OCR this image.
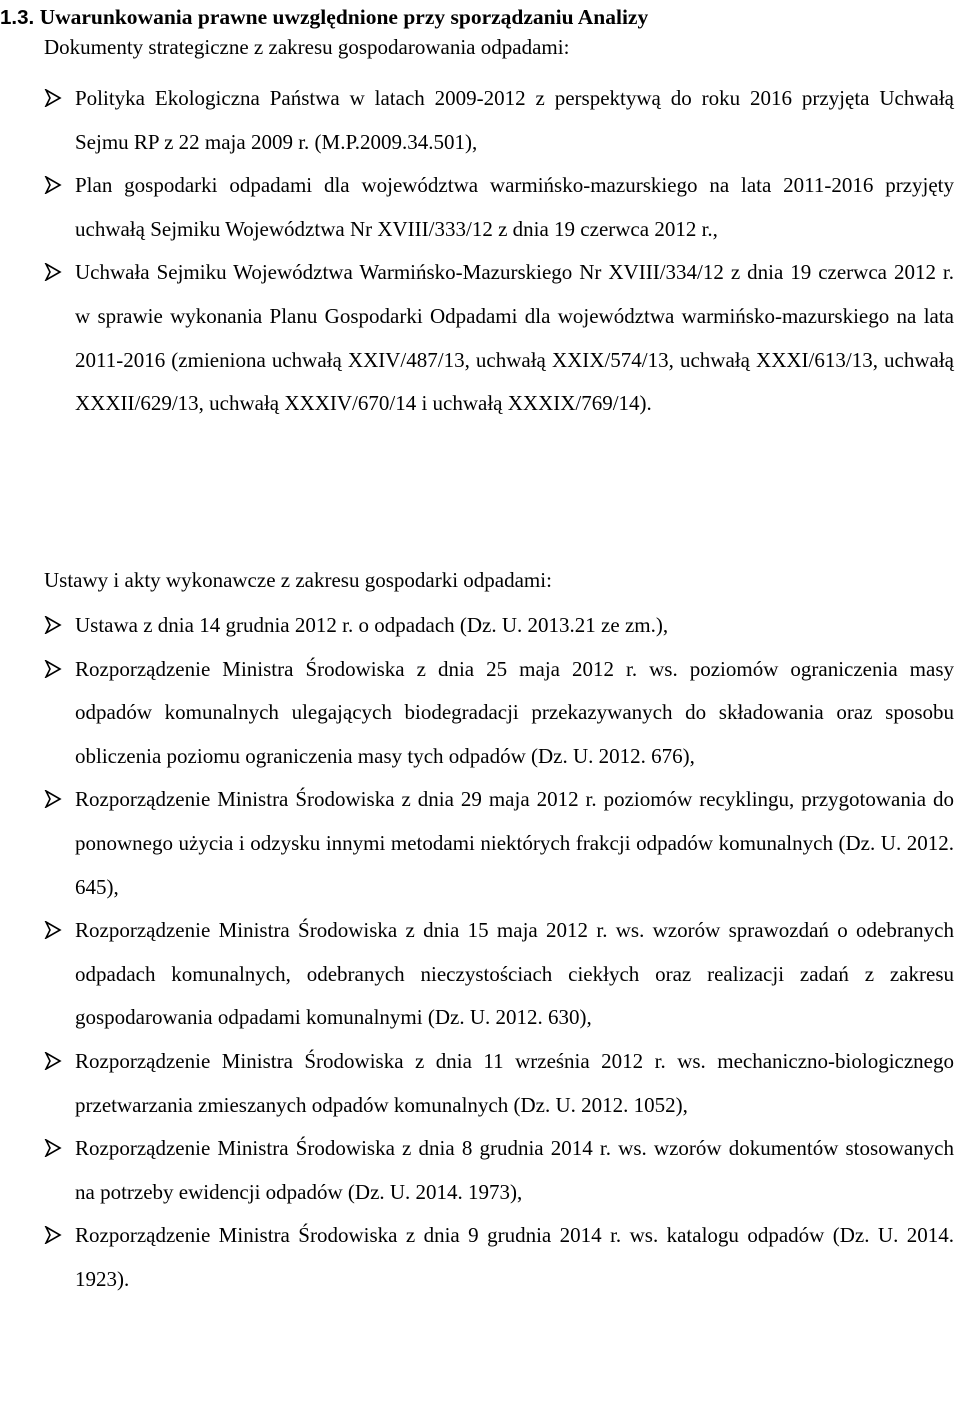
1.3. Uwarunkowania prawne uwzględnione przy sporządzaniu Analizy
Dokumenty strategiczne z zakresu gospodarowania odpadami:
Polityka Ekologiczna Państwa w latach 2009-2012 z perspektywą do roku 2016 przyjęta Uchwałą Sejmu RP z 22 maja 2009 r. (M.P.2009.34.501),
Plan gospodarki odpadami dla województwa warmińsko-mazurskiego na lata 2011-2016 przyjęty uchwałą Sejmiku Województwa Nr XVIII/333/12 z dnia 19 czerwca 2012 r.,
Uchwała Sejmiku Województwa Warmińsko-Mazurskiego Nr XVIII/334/12 z dnia 19 czerwca 2012 r. w sprawie wykonania Planu Gospodarki Odpadami dla województwa warmińsko-mazurskiego na lata 2011-2016 (zmieniona uchwałą XXIV/487/13, uchwałą XXIX/574/13, uchwałą XXXI/613/13, uchwałą XXXII/629/13, uchwałą XXXIV/670/14 i uchwałą XXXIX/769/14).
Ustawy i akty wykonawcze z zakresu gospodarki odpadami:
Ustawa z dnia 14 grudnia 2012 r. o odpadach (Dz. U. 2013.21 ze zm.),
Rozporządzenie Ministra Środowiska z dnia 25 maja 2012 r. ws. poziomów ograniczenia masy odpadów komunalnych ulegających biodegradacji przekazywanych do składowania oraz sposobu obliczenia poziomu ograniczenia masy tych odpadów (Dz. U. 2012. 676),
Rozporządzenie Ministra Środowiska z dnia 29 maja 2012 r. poziomów recyklingu, przygotowania do ponownego użycia i odzysku innymi metodami niektórych frakcji odpadów komunalnych (Dz. U. 2012. 645),
Rozporządzenie Ministra Środowiska z dnia 15 maja 2012 r. ws. wzorów sprawozdań o odebranych odpadach komunalnych, odebranych nieczystościach ciekłych oraz realizacji zadań z zakresu gospodarowania odpadami komunalnymi (Dz. U. 2012. 630),
Rozporządzenie Ministra Środowiska z dnia 11 września 2012 r. ws. mechaniczno-biologicznego przetwarzania zmieszanych odpadów komunalnych (Dz. U. 2012. 1052),
Rozporządzenie Ministra Środowiska z dnia 8 grudnia 2014 r. ws. wzorów dokumentów stosowanych na potrzeby ewidencji odpadów (Dz. U. 2014. 1973),
Rozporządzenie Ministra Środowiska z dnia 9 grudnia 2014 r. ws. katalogu odpadów (Dz. U. 2014. 1923).
